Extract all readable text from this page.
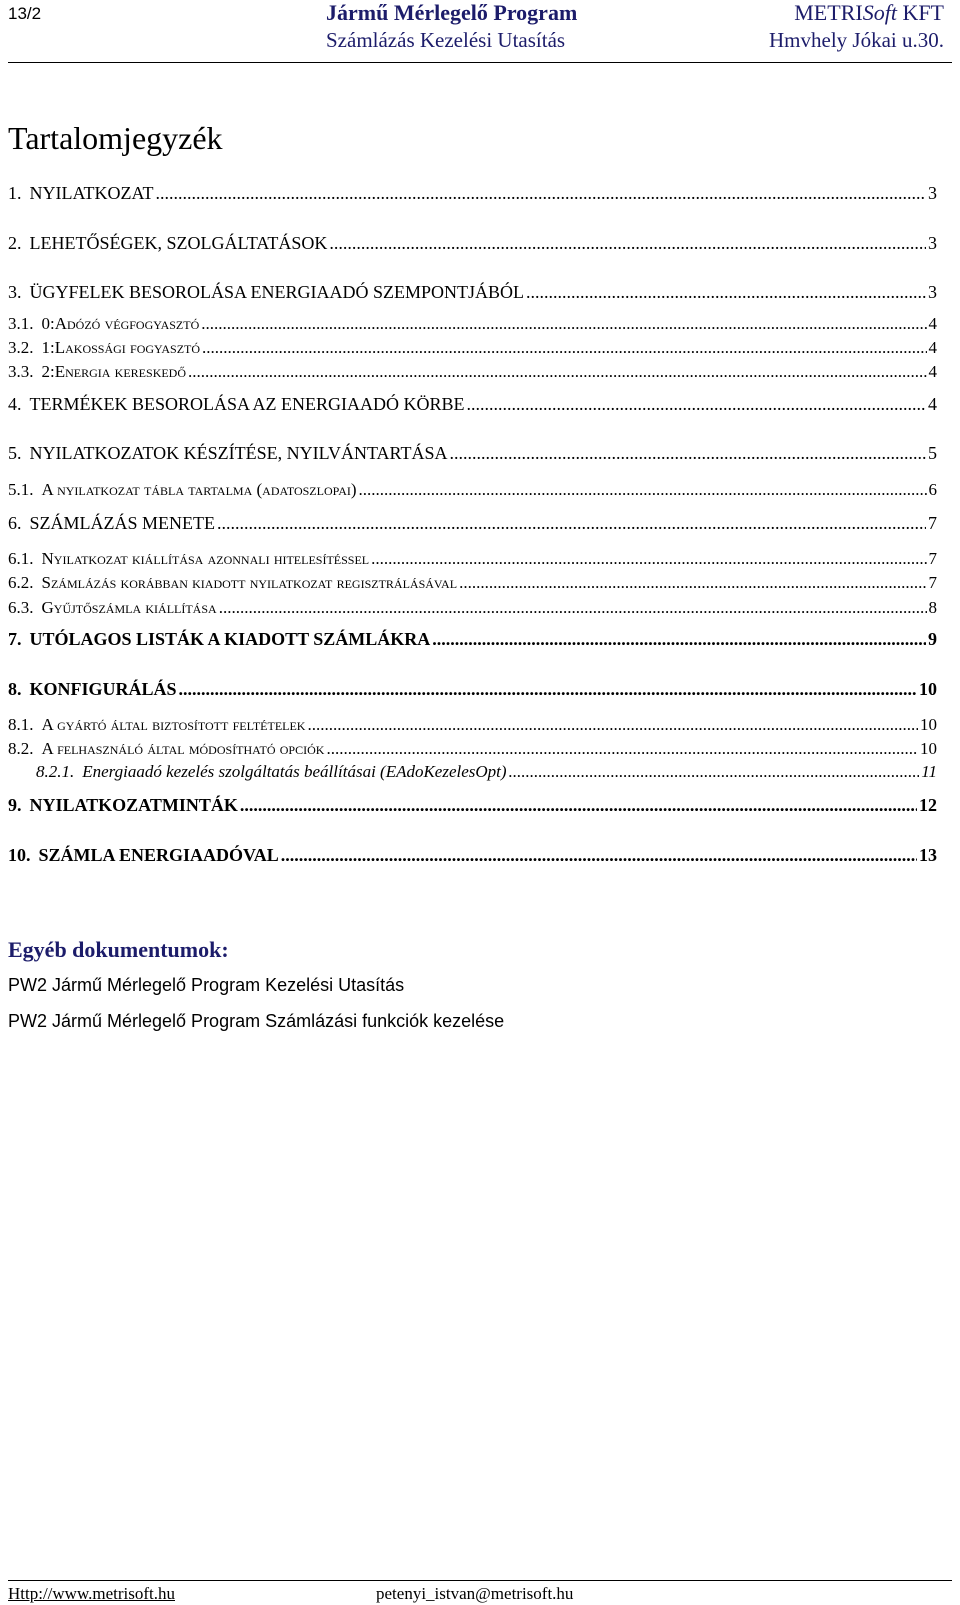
13/2	Jármű Mérlegelő Program
Számlázás Kezelési Utasítás
METRISoft KFT
Hmvhely Jókai u.30.
Tartalomjegyzék
1. NYILATKOZAT .....	3
2. LEHETŐSÉGEK, SZOLGÁLTATÁSOK .....	3
3. ÜGYFELEK BESOROLÁSA ENERGIAADÓ SZEMPONTJÁBÓL .....	3
3.1. 0:Adózó végfogyasztó .....	4
3.2. 1:Lakossági fogyasztó .....	4
3.3. 2:Energia kereskedő .....	4
4. TERMÉKEK BESOROLÁSA AZ ENERGIAADÓ KÖRBE .....	4
5. NYILATKOZATOK KÉSZÍTÉSE, NYILVÁNTARTÁSA .....	5
5.1. A nyilatkozat tábla tartalma (adatoszlopai) .....	6
6. SZÁMLÁZÁS MENETE .....	7
6.1. Nyilatkozat kiállítása azonnali hitelesítéssel .....	7
6.2. Számlázás korábban kiadott nyilatkozat regisztrálásával .....	7
6.3. Gyűjtőszámla kiállítása .....	8
7. UTÓLAGOS LISTÁK A KIADOTT SZÁMLÁKRA .....	9
8. KONFIGURÁLÁS .....	10
8.1. A gyártó által biztosított feltételek .....	10
8.2. A felhasználó által módosítható opciók .....	10
8.2.1. Energiaadó kezelés szolgáltatás beállításai (EAdoKezelesOpt) .....	11
9. NYILATKOZATMINTÁK .....	12
10. SZÁMLA ENERGIAADÓVAL .....	13
Egyéb dokumentumok:
PW2 Jármű Mérlegelő Program Kezelési Utasítás
PW2 Jármű Mérlegelő Program Számlázási funkciók kezelése
Http://www.metrisoft.hu	petenyi_istvan@metrisoft.hu
